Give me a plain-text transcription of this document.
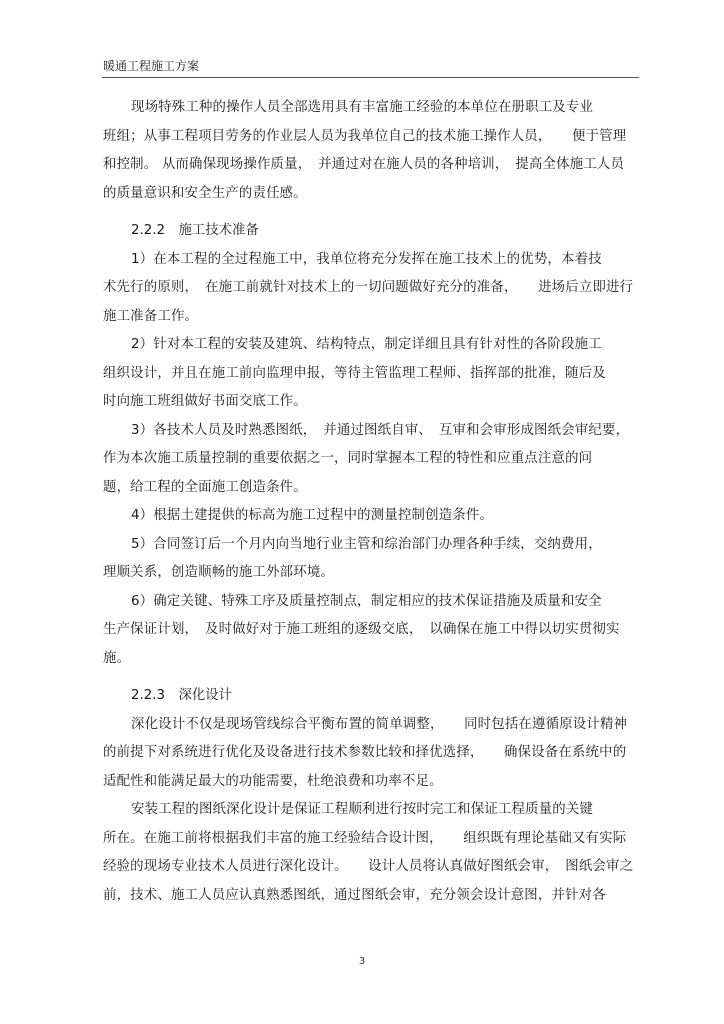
暖通工程施工方案
现场特殊工种的操作人员全部选用具有丰富施工经验的本单位在册职工及专业
班组；从事工程项目劳务的作业层人员为我单位自己的技术施工操作人员，　　便于管理
和控制。 从而确保现场操作质量，　并通过对在施人员的各种培训，　提高全体施工人员
的质量意识和安全生产的责任感。
2.2.2　施工技术准备
1）在本工程的全过程施工中，我单位将充分发挥在施工技术上的优势，本着技
术先行的原则，　在施工前就针对技术上的一切问题做好充分的准备，　　进场后立即进行
施工准备工作。
2）针对本工程的安装及建筑、结构特点，制定详细且具有针对性的各阶段施工
组织设计，并且在施工前向监理申报，等待主管监理工程师、指挥部的批准，随后及
时向施工班组做好书面交底工作。
3）各技术人员及时熟悉图纸，　并通过图纸自审、　互审和会审形成图纸会审纪要，
作为本次施工质量控制的重要依据之一，同时掌握本工程的特性和应重点注意的问
题，给工程的全面施工创造条件。
4）根据土建提供的标高为施工过程中的测量控制创造条件。
5）合同签订后一个月内向当地行业主管和综治部门办理各种手续，交纳费用，
理顺关系，创造顺畅的施工外部环境。
6）确定关键、特殊工序及质量控制点，制定相应的技术保证措施及质量和安全
生产保证计划，　及时做好对于施工班组的逐级交底，　以确保在施工中得以切实贯彻实
施。
2.2.3　深化设计
深化设计不仅是现场管线综合平衡布置的简单调整，　　同时包括在遵循原设计精神
的前提下对系统进行优化及设备进行技术参数比较和择优选择，　　确保设备在系统中的
适配性和能满足最大的功能需要，杜绝浪费和功率不足。
安装工程的图纸深化设计是保证工程顺利进行按时完工和保证工程质量的关键
所在。在施工前将根据我们丰富的施工经验结合设计图，　　组织既有理论基础又有实际
经验的现场专业技术人员进行深化设计。　　设计人员将认真做好图纸会审，　图纸会审之
前，技术、施工人员应认真熟悉图纸，通过图纸会审，充分领会设计意图，并针对各
3
